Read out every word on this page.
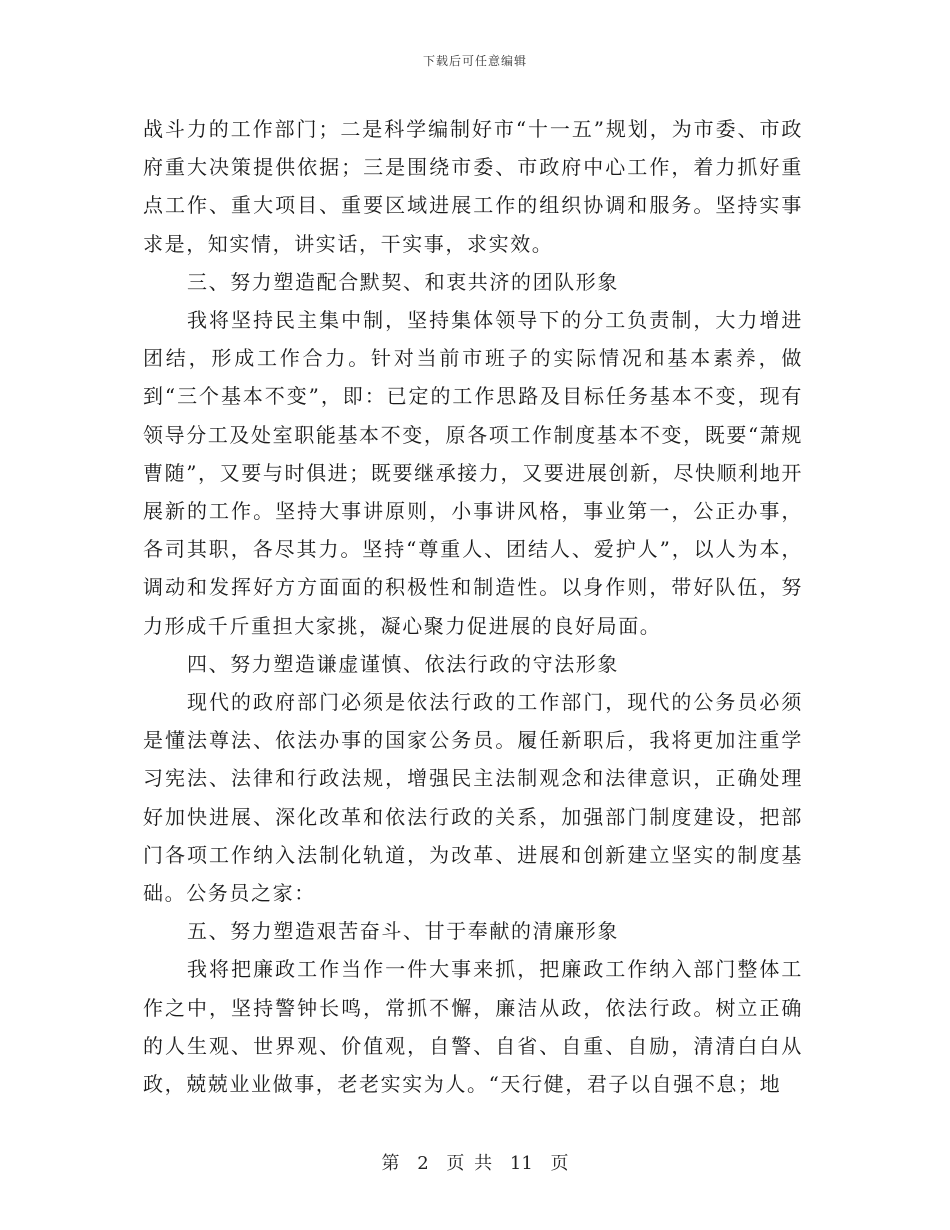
下载后可任意编辑

战斗力的工作部门；二是科学编制好市“十一五”规划，为市委、市政府重大决策提供依据；三是围绕市委、市政府中心工作，着力抓好重点工作、重大项目、重要区域进展工作的组织协调和服务。坚持实事求是，知实情，讲实话，干实事，求实效。

三、努力塑造配合默契、和衷共济的团队形象

我将坚持民主集中制，坚持集体领导下的分工负责制，大力增进团结，形成工作合力。针对当前市班子的实际情况和基本素养，做到“三个基本不变”，即：已定的工作思路及目标任务基本不变，现有领导分工及处室职能基本不变，原各项工作制度基本不变，既要“萧规曹随”，又要与时俱进；既要继承接力，又要进展创新，尽快顺利地开展新的工作。坚持大事讲原则，小事讲风格，事业第一，公正办事，各司其职，各尽其力。坚持“尊重人、团结人、爱护人”，以人为本，调动和发挥好方方面面的积极性和制造性。以身作则，带好队伍，努力形成千斤重担大家挑，凝心聚力促进展的良好局面。

四、努力塑造谦虚谨慎、依法行政的守法形象

现代的政府部门必须是依法行政的工作部门，现代的公务员必须是懂法尊法、依法办事的国家公务员。履任新职后，我将更加注重学习宪法、法律和行政法规，增强民主法制观念和法律意识，正确处理好加快进展、深化改革和依法行政的关系，加强部门制度建设，把部门各项工作纳入法制化轨道，为改革、进展和创新建立坚实的制度基础。公务员之家：

五、努力塑造艰苦奋斗、甘于奉献的清廉形象

我将把廉政工作当作一件大事来抓，把廉政工作纳入部门整体工作之中，坚持警钟长鸣，常抓不懈，廉洁从政，依法行政。树立正确的人生观、世界观、价值观，自警、自省、自重、自励，清清白白从政，兢兢业业做事，老老实实为人。“天行健，君子以自强不息；地

第 2 页 共 11 页
